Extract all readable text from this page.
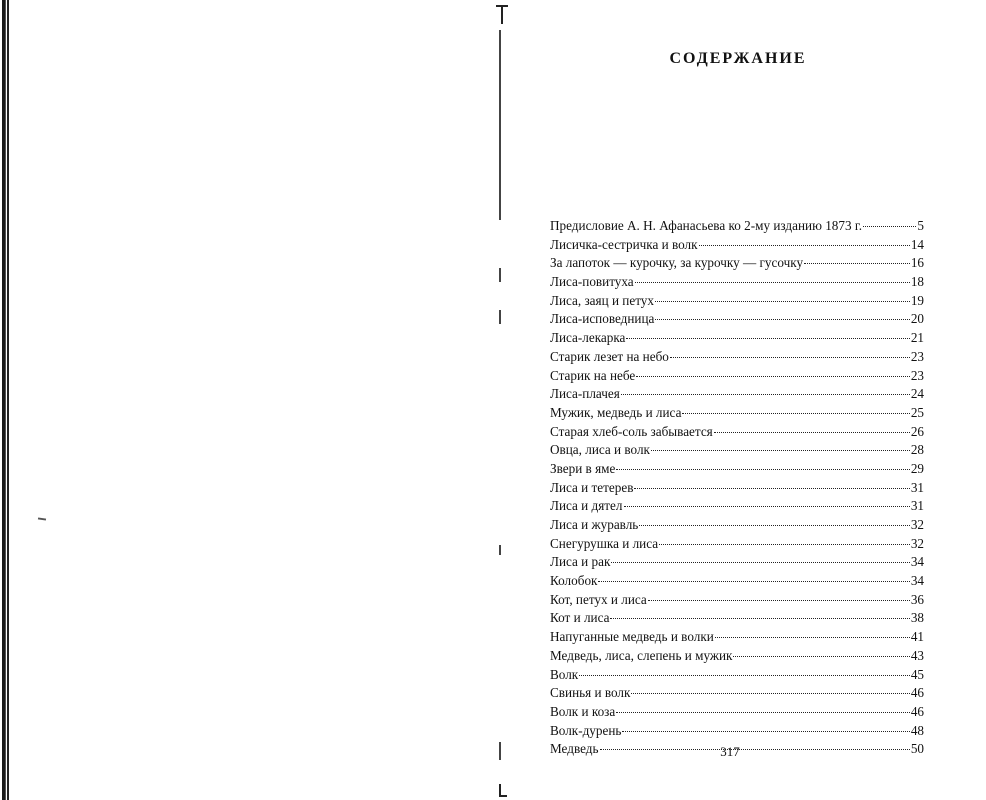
СОДЕРЖАНИЕ
Предисловие А. Н. Афанасьева ко 2-му изданию 1873 г.	5
Лисичка-сестричка и волк	14
За лапоток — курочку, за курочку — гусочку	16
Лиса-повитуха	18
Лиса, заяц и петух	19
Лиса-исповедница	20
Лиса-лекарка	21
Старик лезет на небо	23
Старик на небе	23
Лиса-плачея	24
Мужик, медведь и лиса	25
Старая хлеб-соль забывается	26
Овца, лиса и волк	28
Звери в яме	29
Лиса и тетерев	31
Лиса и дятел	31
Лиса и журавль	32
Снегурушка и лиса	32
Лиса и рак	34
Колобок	34
Кот, петух и лиса	36
Кот и лиса	38
Напуганные медведь и волки	41
Медведь, лиса, слепень и мужик	43
Волк	45
Свинья и волк	46
Волк и коза	46
Волк-дурень	48
Медведь	50
317
